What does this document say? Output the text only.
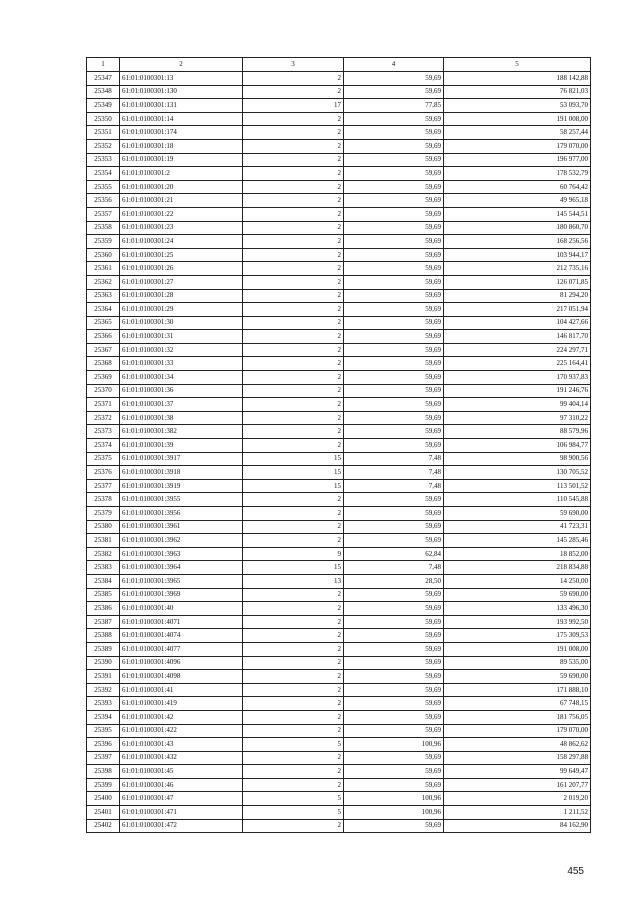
1	2	3	4	5
25347	61:01:0100301:13	2	59,69	188 142,88
25348	61:01:0100301:130	2	59,69	76 821,03
25349	61:01:0100301:131	17	77,85	53 093,70
25350	61:01:0100301:14	2	59,69	191 008,00
25351	61:01:0100301:174	2	59,69	58 257,44
25352	61:01:0100301:18	2	59,69	179 070,00
25353	61:01:0100301:19	2	59,69	196 977,00
25354	61:01:0100301:2	2	59,69	178 532,79
25355	61:01:0100301:20	2	59,69	60 764,42
25356	61:01:0100301:21	2	59,69	49 965,18
25357	61:01:0100301:22	2	59,69	145 544,51
25358	61:01:0100301:23	2	59,69	180 860,70
25359	61:01:0100301:24	2	59,69	168 256,56
25360	61:01:0100301:25	2	59,69	103 944,17
25361	61:01:0100301:26	2	59,69	212 735,16
25362	61:01:0100301:27	2	59,69	126 071,85
25363	61:01:0100301:28	2	59,69	81 294,20
25364	61:01:0100301:29	2	59,69	217 051,94
25365	61:01:0100301:30	2	59,69	104 427,66
25366	61:01:0100301:31	2	59,69	146 817,70
25367	61:01:0100301:32	2	59,69	224 297,71
25368	61:01:0100301:33	2	59,69	225 164,41
25369	61:01:0100301:34	2	59,69	170 937,83
25370	61:01:0100301:36	2	59,69	191 246,76
25371	61:01:0100301:37	2	59,69	99 404,14
25372	61:01:0100301:38	2	59,69	97 310,22
25373	61:01:0100301:382	2	59,69	88 579,96
25374	61:01:0100301:39	2	59,69	106 984,77
25375	61:01:0100301:3917	15	7,48	98 900,56
25376	61:01:0100301:3918	15	7,48	130 705,52
25377	61:01:0100301:3919	15	7,48	113 501,52
25378	61:01:0100301:3955	2	59,69	110 545,88
25379	61:01:0100301:3956	2	59,69	59 690,00
25380	61:01:0100301:3961	2	59,69	41 723,31
25381	61:01:0100301:3962	2	59,69	145 285,46
25382	61:01:0100301:3963	9	62,84	18 852,00
25383	61:01:0100301:3964	15	7,48	218 834,88
25384	61:01:0100301:3965	13	28,50	14 250,00
25385	61:01:0100301:3969	2	59,69	59 690,00
25386	61:01:0100301:40	2	59,69	133 496,30
25387	61:01:0100301:4071	2	59,69	193 992,50
25388	61:01:0100301:4074	2	59,69	175 309,53
25389	61:01:0100301:4077	2	59,69	191 008,00
25390	61:01:0100301:4096	2	59,69	89 535,00
25391	61:01:0100301:4098	2	59,69	59 690,00
25392	61:01:0100301:41	2	59,69	171 888,10
25393	61:01:0100301:419	2	59,69	67 748,15
25394	61:01:0100301:42	2	59,69	181 756,05
25395	61:01:0100301:422	2	59,69	179 070,00
25396	61:01:0100301:43	5	100,96	48 862,62
25397	61:01:0100301:432	2	59,69	158 297,88
25398	61:01:0100301:45	2	59,69	99 649,47
25399	61:01:0100301:46	2	59,69	161 207,77
25400	61:01:0100301:47	5	100,96	2 019,20
25401	61:01:0100301:471	5	100,96	1 211,52
25402	61:01:0100301:472	2	59,69	84 162,90
455
